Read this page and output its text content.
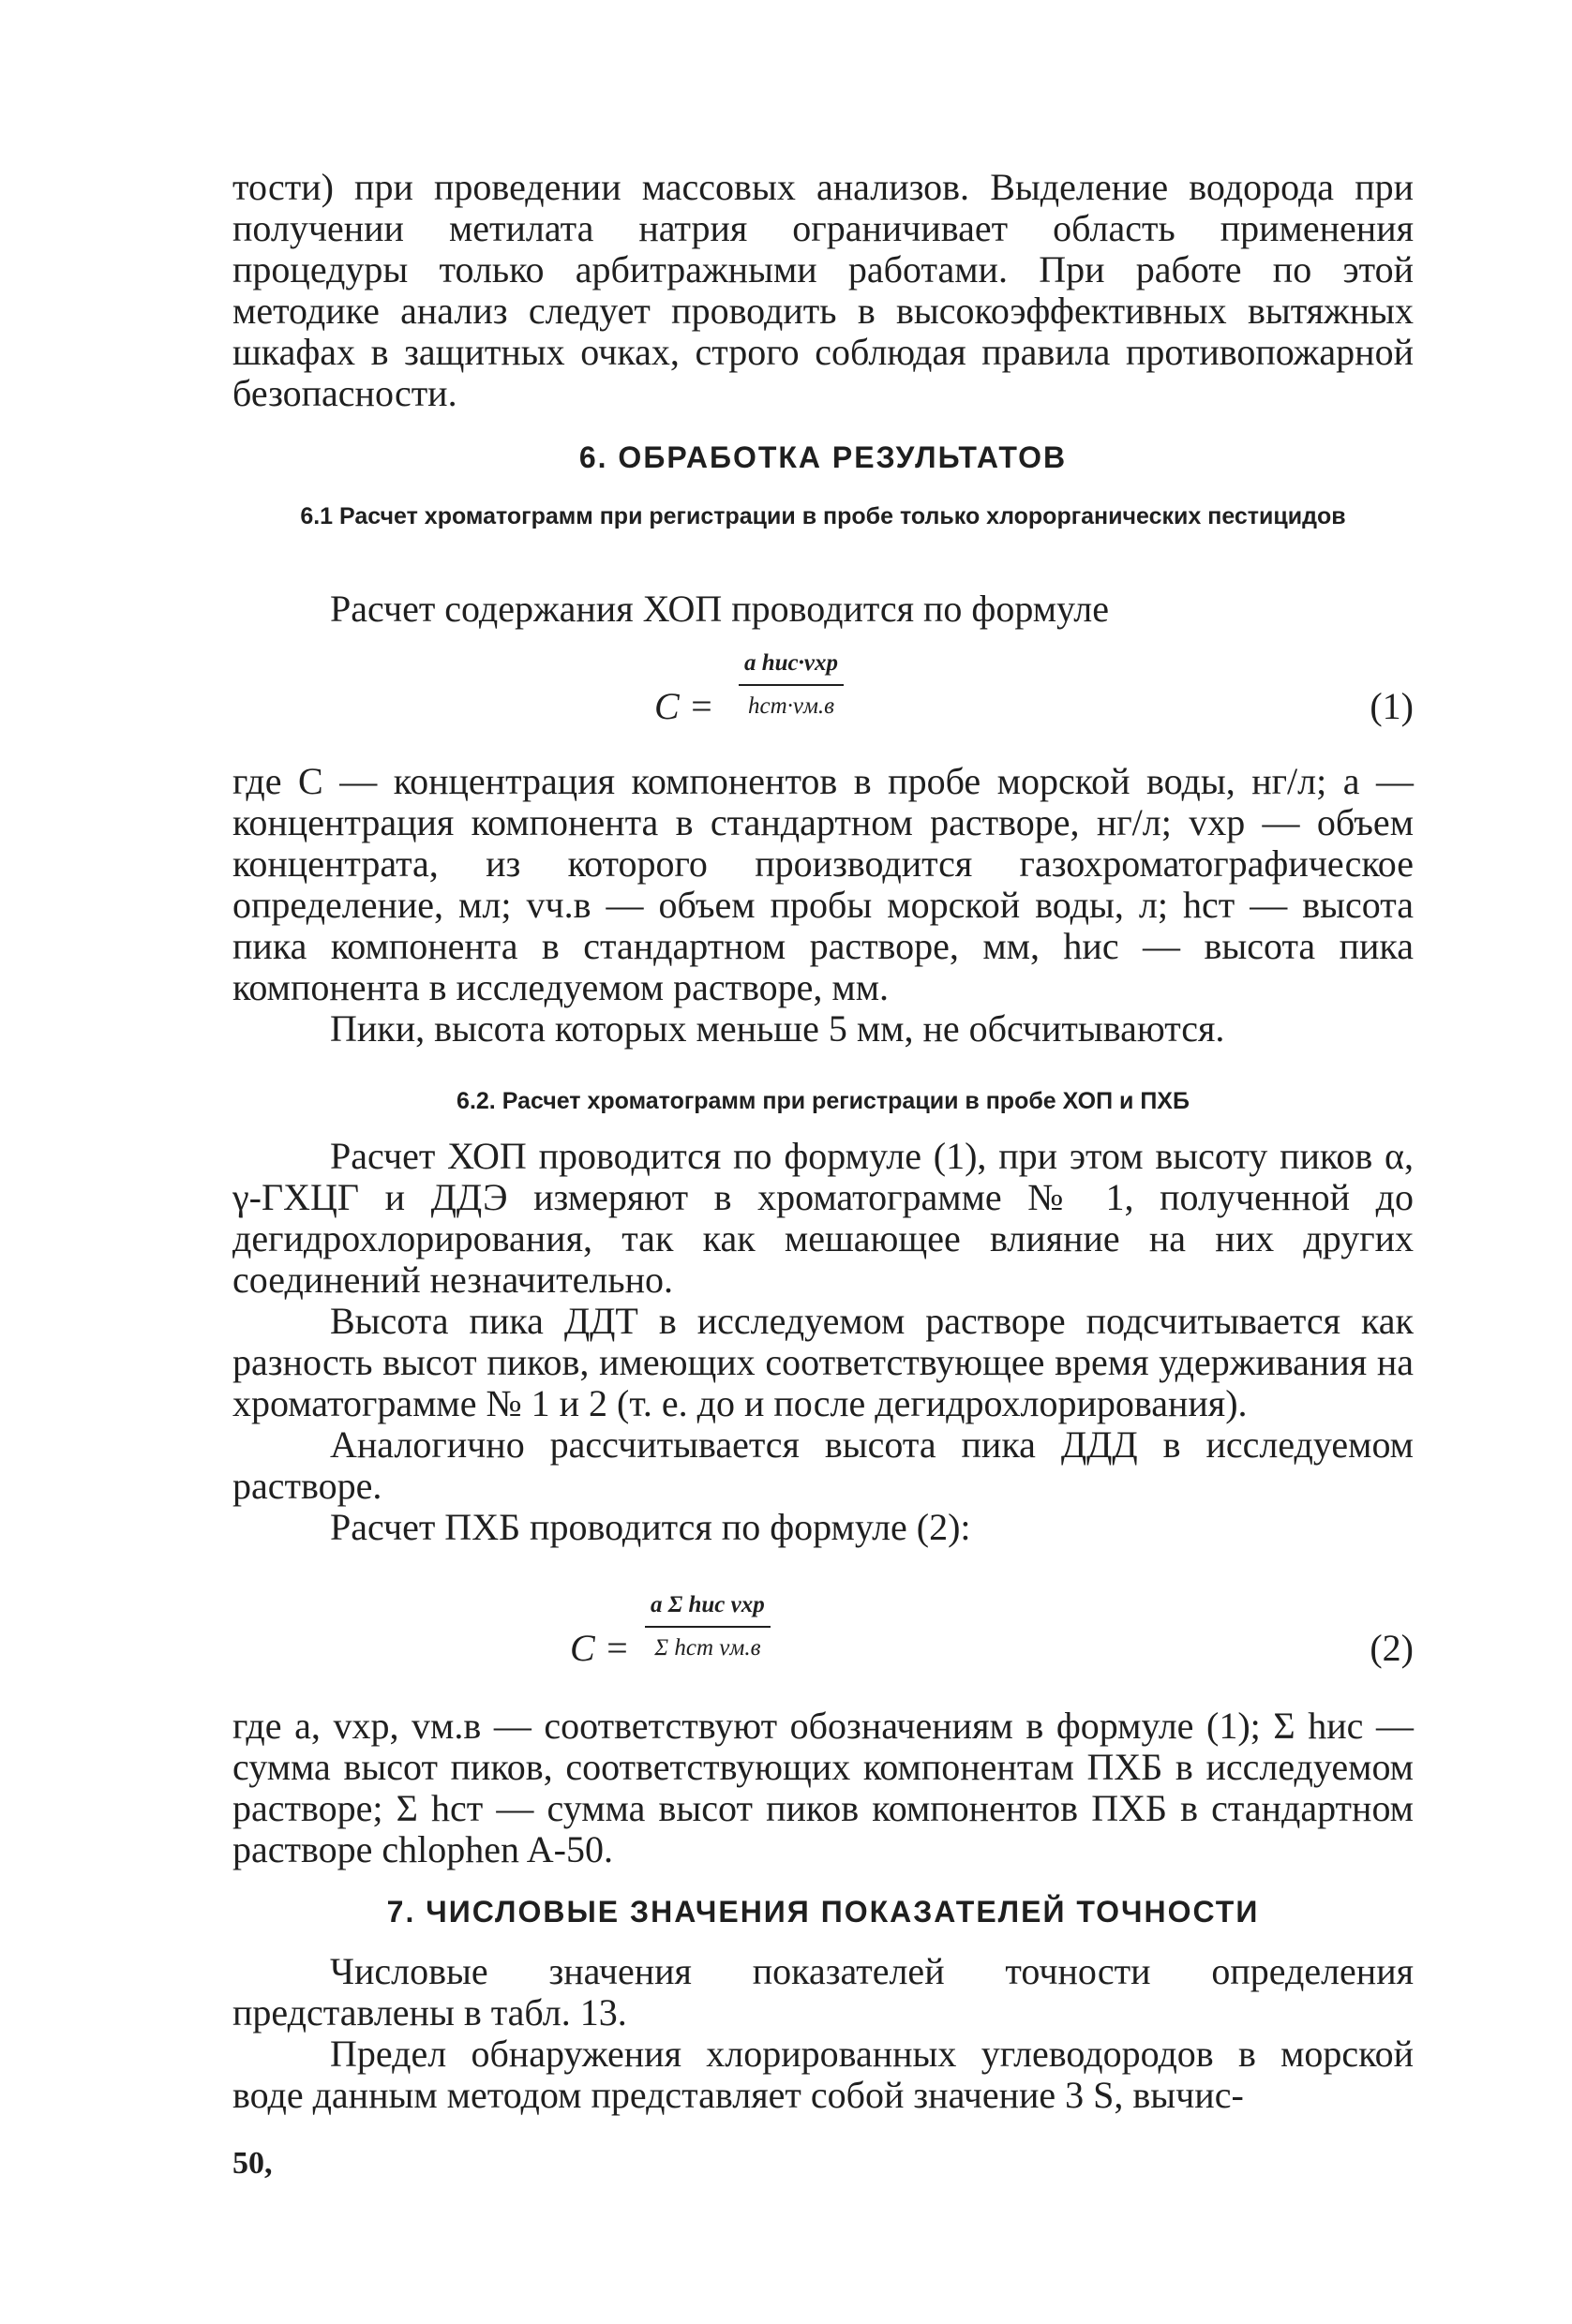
тости) при проведении массовых анализов. Выделение водорода при получении метилата натрия ограничивает область применения процедуры только арбитражными работами. При работе по этой методике анализ следует проводить в высокоэффективных вытяжных шкафах в защитных очках, строго соблюдая правила противопожарной безопасности.

6. ОБРАБОТКА РЕЗУЛЬТАТОВ
6.1 Расчет хроматограмм при регистрации в пробе только хлорорганических пестицидов

Расчет содержания ХОП проводится по формуле

C =
a hис·vхр
hст·vм.в	(1)

где C — концентрация компонентов в пробе морской воды, нг/л; a — концентрация компонента в стандартном растворе, нг/л; vхр — объем концентрата, из которого производится газохроматографическое определение, мл; vч.в — объем пробы морской воды, л; hст — высота пика компонента в стандартном растворе, мм, hис — высота пика компонента в исследуемом растворе, мм.

Пики, высота которых меньше 5 мм, не обсчитываются.

6.2. Расчет хроматограмм при регистрации в пробе ХОП и ПХБ

Расчет ХОП проводится по формуле (1), при этом высоту пиков α, γ-ГХЦГ и ДДЭ измеряют в хроматограмме № 1, полученной до дегидрохлорирования, так как мешающее влияние на них других соединений незначительно.

Высота пика ДДТ в исследуемом растворе подсчитывается как разность высот пиков, имеющих соответствующее время удерживания на хроматограмме № 1 и 2 (т. е. до и после дегидрохлорирования).

Аналогично рассчитывается высота пика ДДД в исследуемом растворе.

Расчет ПХБ проводится по формуле (2):

C =
a Σ hис vхр
Σ hст vм.в	(2)

где a, vхр, vм.в — соответствуют обозначениям в формуле (1); Σ hис — сумма высот пиков, соответствующих компонентам ПХБ в исследуемом растворе; Σ hст — сумма высот пиков компонентов ПХБ в стандартном растворе chlophen A-50.

7. ЧИСЛОВЫЕ ЗНАЧЕНИЯ ПОКАЗАТЕЛЕЙ ТОЧНОСТИ

Числовые значения показателей точности определения представлены в табл. 13.

Предел обнаружения хлорированных углеводородов в морской воде данным методом представляет собой значение 3 S, вычис-

50,
